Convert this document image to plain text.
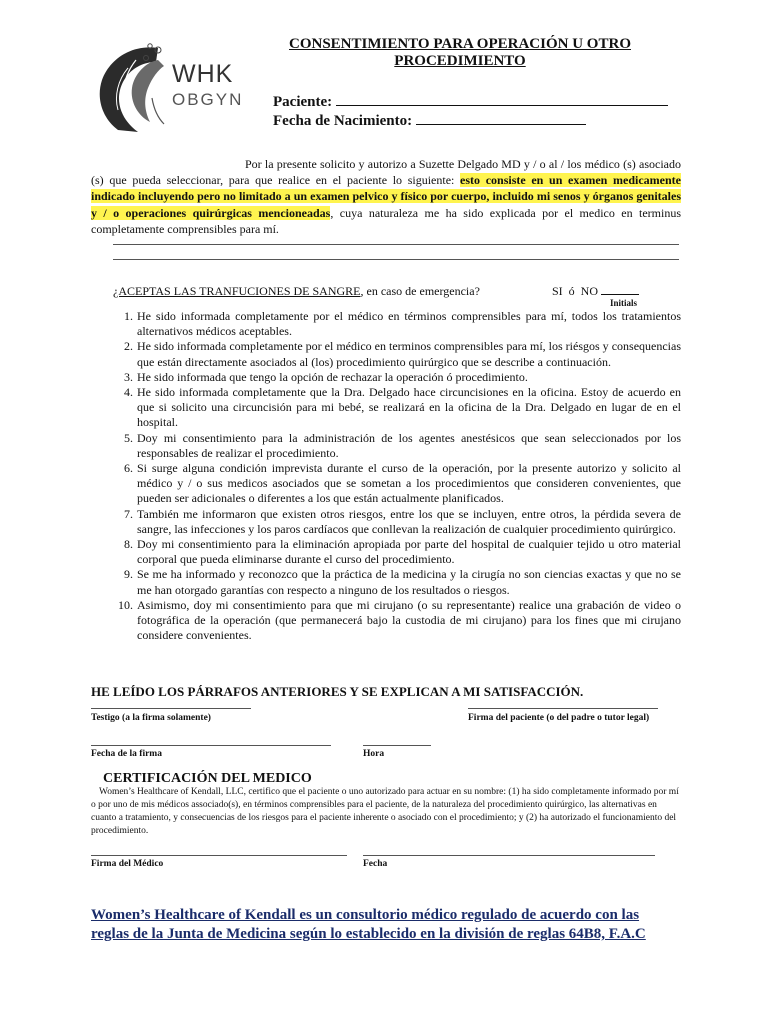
WHK
OBGYN
CONSENTIMIENTO PARA OPERACIÓN U OTRO
PROCEDIMIENTO
Paciente:
Fecha de Nacimiento:
Por la presente solicito y autorizo a Suzette Delgado MD y / o al / los médico (s) asociado (s) que pueda seleccionar, para que realice en el paciente lo siguiente: esto consiste en un examen medicamente indicado incluyendo pero no limitado a un examen pelvico y físico por cuerpo, incluido mi senos y órganos genitales y / o operaciones quirúrgicas mencioneadas, cuya naturaleza me ha sido explicada por el medico en terminus completamente comprensibles para mí.
¿ACEPTAS LAS TRANFUCIONES DE SANGRE, en caso de emergencia?	SI  ó  NO
Initials
1. He sido informada completamente por el médico en términos comprensibles para mí, todos los tratamientos alternativos médicos aceptables.
2. He sido informada completamente por el médico en terminos comprensibles para mí, los riésgos y consequencias que están directamente asociados al (los) procedimiento quirúrgico que se describe a continuación.
3. He sido informada que tengo la opción de rechazar la operación ó procedimiento.
4. He sido informada completamente que la Dra. Delgado hace circuncisiones en la oficina. Estoy de acuerdo en que si solicito una circuncisión para mi bebé, se realizará en la oficina de la Dra. Delgado en lugar de en el hospital.
5. Doy mi consentimiento para la administración de los agentes anestésicos que sean seleccionados por los responsables de realizar el procedimiento.
6. Si surge alguna condición imprevista durante el curso de la operación, por la presente autorizo y solicito al médico y / o sus medicos asociados que se sometan a los procedimientos que consideren convenientes, que pueden ser adicionales o diferentes a los que están actualmente planificados.
7. También me informaron que existen otros riesgos, entre los que se incluyen, entre otros, la pérdida severa de sangre, las infecciones y los paros cardíacos que conllevan la realización de cualquier procedimiento quirúrgico.
8. Doy mi consentimiento para la eliminación apropiada por parte del hospital de cualquier tejido u otro material corporal que pueda eliminarse durante el curso del procedimiento.
9. Se me ha informado y reconozco que la práctica de la medicina y la cirugía no son ciencias exactas y que no se me han otorgado garantías con respecto a ninguno de los resultados o riesgos.
10. Asimismo, doy mi consentimiento para que mi cirujano (o su representante) realice una grabación de video o fotográfica de la operación (que permanecerá bajo la custodia de mi cirujano) para los fines que mi cirujano considere convenientes.
HE LEÍDO LOS PÁRRAFOS ANTERIORES Y SE EXPLICAN A MI SATISFACCIÓN.
Testigo (a la firma solamente)	Firma del paciente (o del padre o tutor legal)
Fecha de la firma	Hora
CERTIFICACIÓN DEL MEDICO
Women’s Healthcare of Kendall, LLC, certifico que el paciente o uno autorizado para actuar en su nombre: (1) ha sido completamente informado por mí o por uno de mis médicos associado(s), en términos comprensibles para el paciente, de la naturaleza del procedimiento quirúrgico, las alternativas en cuanto a tratamiento, y consecuencias de los riesgos para el paciente inherente o asociado con el procedimiento; y (2) ha autorizado el funcionamiento del procedimiento.
Firma del Médico	Fecha
Women’s Healthcare of Kendall es un consultorio médico regulado de acuerdo con las reglas de la Junta de Medicina según lo establecido en la división de reglas 64B8, F.A.C
